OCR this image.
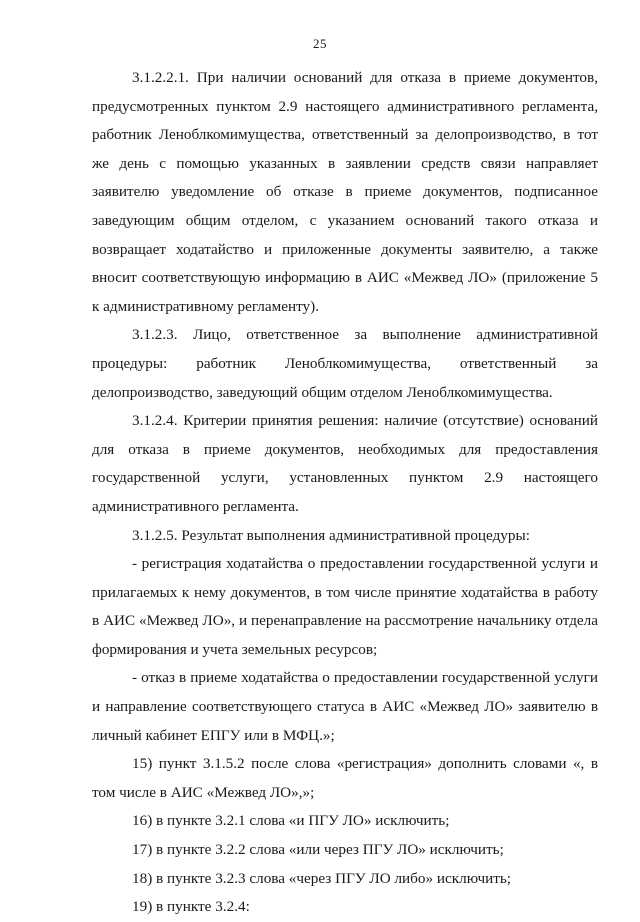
25

3.1.2.2.1. При наличии оснований для отказа в приеме документов, предусмотренных пунктом 2.9 настоящего административного регламента, работник Леноблкомимущества, ответственный за делопроизводство, в тот же день с помощью указанных в заявлении средств связи направляет заявителю уведомление об отказе в приеме документов, подписанное заведующим общим отделом, с указанием оснований такого отказа и возвращает ходатайство и приложенные документы заявителю, а также вносит соответствующую информацию в АИС «Межвед ЛО» (приложение 5 к административному регламенту).

3.1.2.3. Лицо, ответственное за выполнение административной процедуры: работник Леноблкомимущества, ответственный за делопроизводство, заведующий общим отделом Леноблкомимущества.

3.1.2.4. Критерии принятия решения: наличие (отсутствие) оснований для отказа в приеме документов, необходимых для предоставления государственной услуги, установленных пунктом 2.9 настоящего административного регламента.

3.1.2.5. Результат выполнения административной процедуры:

- регистрация ходатайства о предоставлении государственной услуги и прилагаемых к нему документов, в том числе принятие ходатайства в работу в АИС «Межвед ЛО», и перенаправление на рассмотрение начальнику отдела формирования и учета земельных ресурсов;

- отказ в приеме ходатайства о предоставлении государственной услуги и направление соответствующего статуса в АИС «Межвед ЛО» заявителю в личный кабинет ЕПГУ или в МФЦ.»;

15) пункт 3.1.5.2 после слова «регистрация» дополнить словами «, в том числе в АИС «Межвед ЛО»,»;

16) в пункте 3.2.1 слова «и ПГУ ЛО» исключить;

17) в пункте 3.2.2 слова «или через ПГУ ЛО» исключить;

18) в пункте 3.2.3 слова «через ПГУ ЛО либо» исключить;

19) в пункте 3.2.4:
